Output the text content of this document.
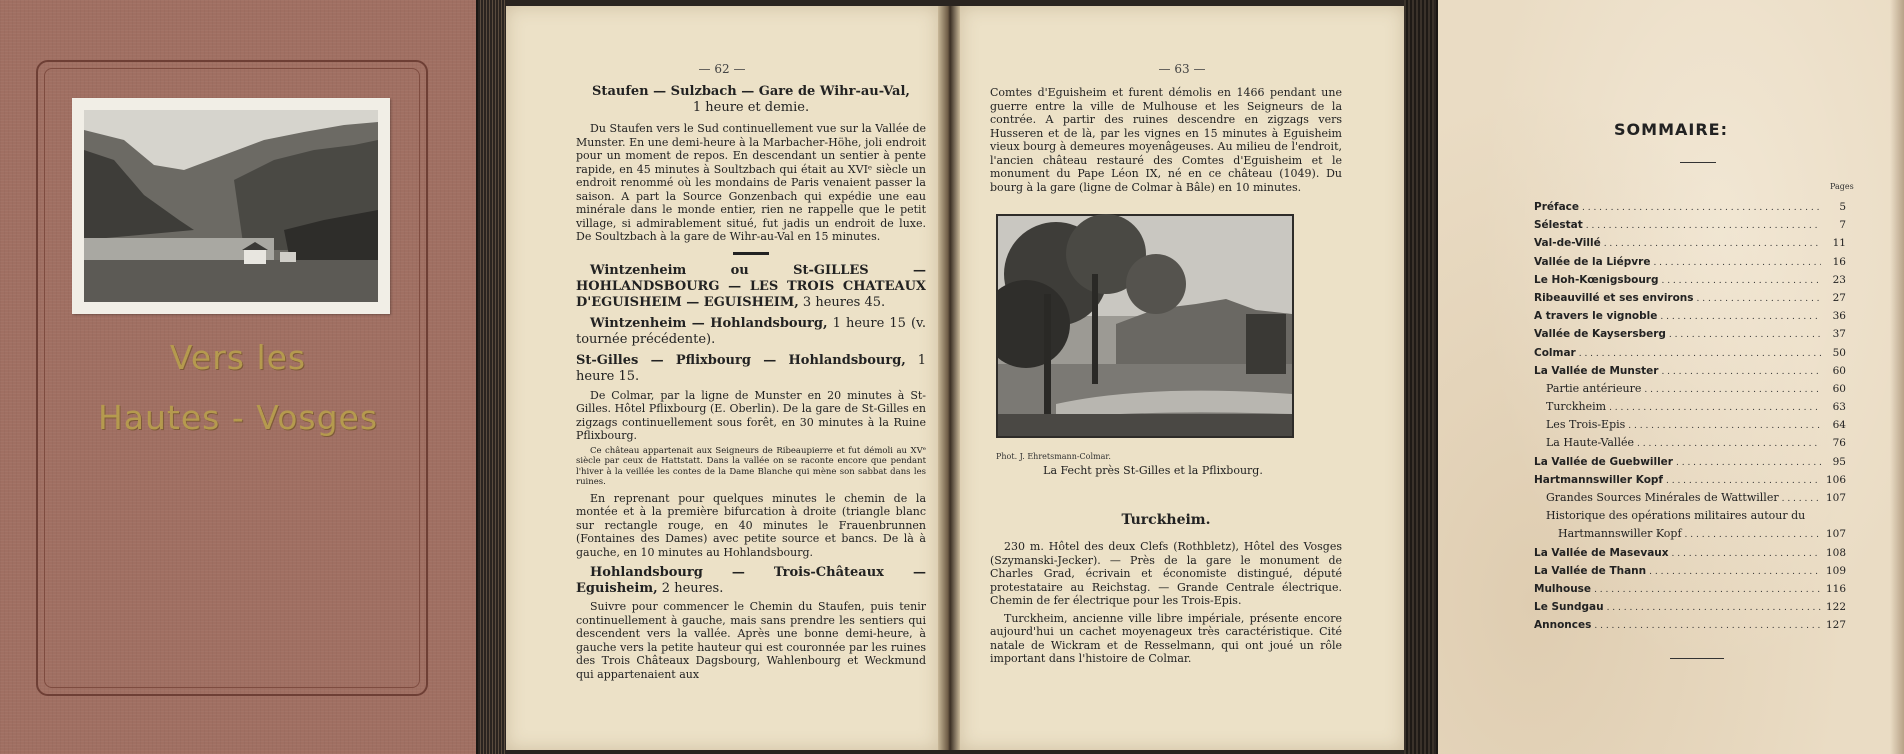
Vers les
Hautes - Vosges
— 62 —
Staufen — Sulzbach — Gare de Wihr-au-Val,
1 heure et demie.
Du Staufen vers le Sud continuellement vue sur la Vallée de Munster. En une demi-heure à la Marbacher-Höhe, joli endroit pour un moment de repos. En descendant un sentier à pente rapide, en 45 minutes à Soultzbach qui était au XVIᵉ siècle un endroit renommé où les mondains de Paris venaient passer la saison. A part la Source Gonzenbach qui expédie une eau minérale dans le monde entier, rien ne rappelle que le petit village, si admirablement situé, fut jadis un endroit de luxe. De Soultzbach à la gare de Wihr-au-Val en 15 minutes.
Wintzenheim ou St-GILLES — HOHLANDSBOURG — LES TROIS CHATEAUX D'EGUISHEIM — EGUISHEIM, 3 heures 45.
Wintzenheim — Hohlandsbourg, 1 heure 15 (v. tournée précédente).
St-Gilles — Pflixbourg — Hohlandsbourg, 1 heure 15.
De Colmar, par la ligne de Munster en 20 minutes à St-Gilles. Hôtel Pflixbourg (E. Oberlin). De la gare de St-Gilles en zigzags continuellement sous forêt, en 30 minutes à la Ruine Pflixbourg.
Ce château appartenait aux Seigneurs de Ribeaupierre et fut démoli au XVᵉ siècle par ceux de Hattstatt. Dans la vallée on se raconte encore que pendant l'hiver à la veillée les contes de la Dame Blanche qui mène son sabbat dans les ruines.
En reprenant pour quelques minutes le chemin de la montée et à la première bifurcation à droite (triangle blanc sur rectangle rouge, en 40 minutes le Frauenbrunnen (Fontaines des Dames) avec petite source et bancs. De là à gauche, en 10 minutes au Hohlandsbourg.
Hohlandsbourg — Trois-Châteaux — Eguisheim, 2 heures.
Suivre pour commencer le Chemin du Staufen, puis tenir continuellement à gauche, mais sans prendre les sentiers qui descendent vers la vallée. Après une bonne demi-heure, à gauche vers la petite hauteur qui est couronnée par les ruines des Trois Châteaux Dagsbourg, Wahlenbourg et Weckmund qui appartenaient aux
— 63 —
Comtes d'Eguisheim et furent démolis en 1466 pendant une guerre entre la ville de Mulhouse et les Seigneurs de la contrée. A partir des ruines descendre en zigzags vers Husseren et de là, par les vignes en 15 minutes à Eguisheim vieux bourg à demeures moyenâgeuses. Au milieu de l'endroit, l'ancien château restauré des Comtes d'Eguisheim et le monument du Pape Léon IX, né en ce château (1049). Du bourg à la gare (ligne de Colmar à Bâle) en 10 minutes.
Phot. J. Ehretsmann-Colmar.
La Fecht près St-Gilles et la Pflixbourg.
Turckheim.
230 m. Hôtel des deux Clefs (Rothbletz), Hôtel des Vosges (Szymanski-Jecker). — Près de la gare le monument de Charles Grad, écrivain et économiste distingué, député protestataire au Reichstag. — Grande Centrale électrique. Chemin de fer électrique pour les Trois-Epis.
Turckheim, ancienne ville libre impériale, présente encore aujourd'hui un cachet moyenageux très caractéristique. Cité natale de Wickram et de Resselmann, qui ont joué un rôle important dans l'histoire de Colmar.
SOMMAIRE:
Pages
Préface . . .	5
Sélestat . . .	7
Val-de-Villé . . .	11
Vallée de la Liépvre . . .	16
Le Hoh-Kœnigsbourg . . .	23
Ribeauvillé et ses environs . . .	27
A travers le vignoble . . .	36
Vallée de Kaysersberg . . .	37
Colmar . . .	50
La Vallée de Munster . . .	60
Partie antérieure . . .	60
Turckheim . . .	63
Les Trois-Epis . . .	64
La Haute-Vallée . . .	76
La Vallée de Guebwiller . . .	95
Hartmannswiller Kopf . . .	106
Grandes Sources Minérales de Wattwiller . . .	107
Historique des opérations militaires autour du
Hartmannswiller Kopf . . .	107
La Vallée de Masevaux . . .	108
La Vallée de Thann . . .	109
Mulhouse . . .	116
Le Sundgau . . .	122
Annonces . . .	127
